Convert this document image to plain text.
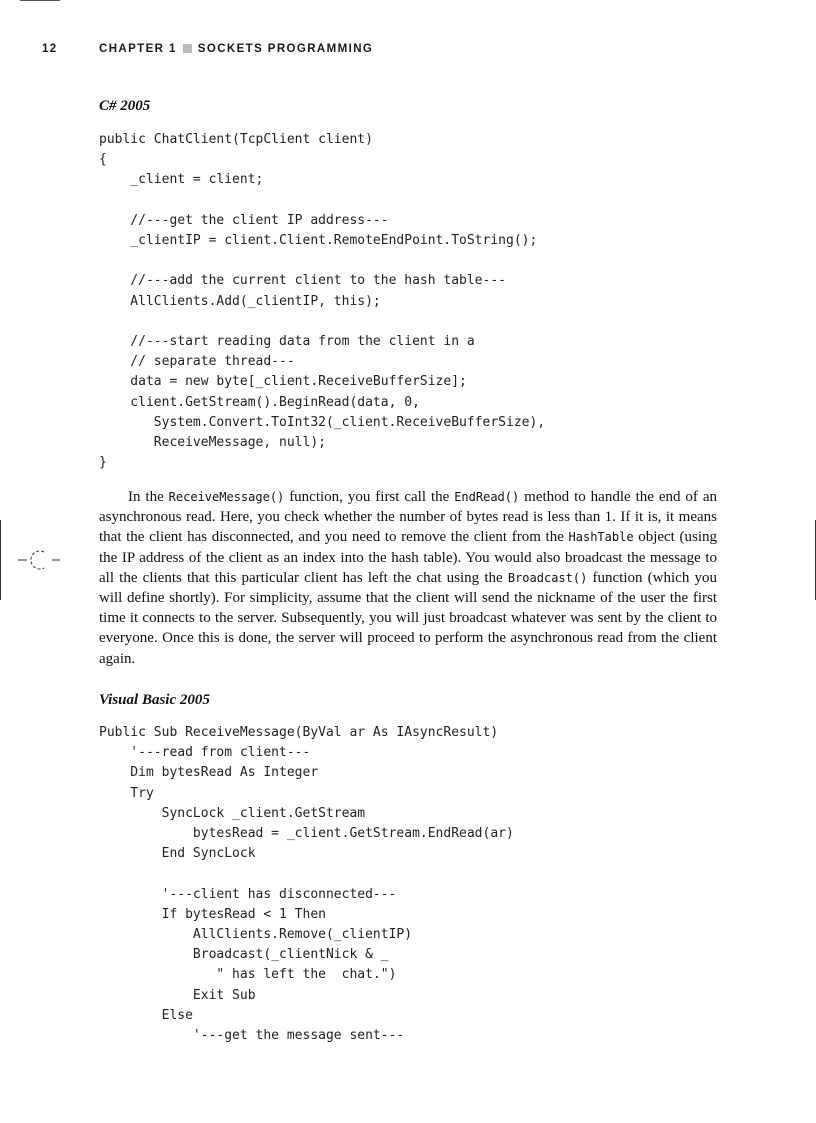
12	CHAPTER 1 SOCKETS PROGRAMMING
C# 2005
public ChatClient(TcpClient client)
{
_client = client;

//---get the client IP address---
_clientIP = client.Client.RemoteEndPoint.ToString();

//---add the current client to the hash table---
AllClients.Add(_clientIP, this);

//---start reading data from the client in a
// separate thread---
data = new byte[_client.ReceiveBufferSize];
client.GetStream().BeginRead(data, 0,
System.Convert.ToInt32(_client.ReceiveBufferSize),
ReceiveMessage, null);
}

In the ReceiveMessage() function, you first call the EndRead() method to handle the end of an asynchronous read. Here, you check whether the number of bytes read is less than 1. If it is, it means that the client has disconnected, and you need to remove the client from the HashTable object (using the IP address of the client as an index into the hash table). You would also broadcast the message to all the clients that this particular client has left the chat using the Broadcast() function (which you will define shortly). For simplicity, assume that the client will send the nickname of the user the first time it connects to the server. Subsequently, you will just broadcast whatever was sent by the client to everyone. Once this is done, the server will proceed to perform the asynchronous read from the client again.

Visual Basic 2005
Public Sub ReceiveMessage(ByVal ar As IAsyncResult)
'---read from client---
Dim bytesRead As Integer
Try
SyncLock _client.GetStream
bytesRead = _client.GetStream.EndRead(ar)
End SyncLock

'---client has disconnected---
If bytesRead < 1 Then
AllClients.Remove(_clientIP)
Broadcast(_clientNick & _
" has left the  chat.")
Exit Sub
Else
'---get the message sent---
